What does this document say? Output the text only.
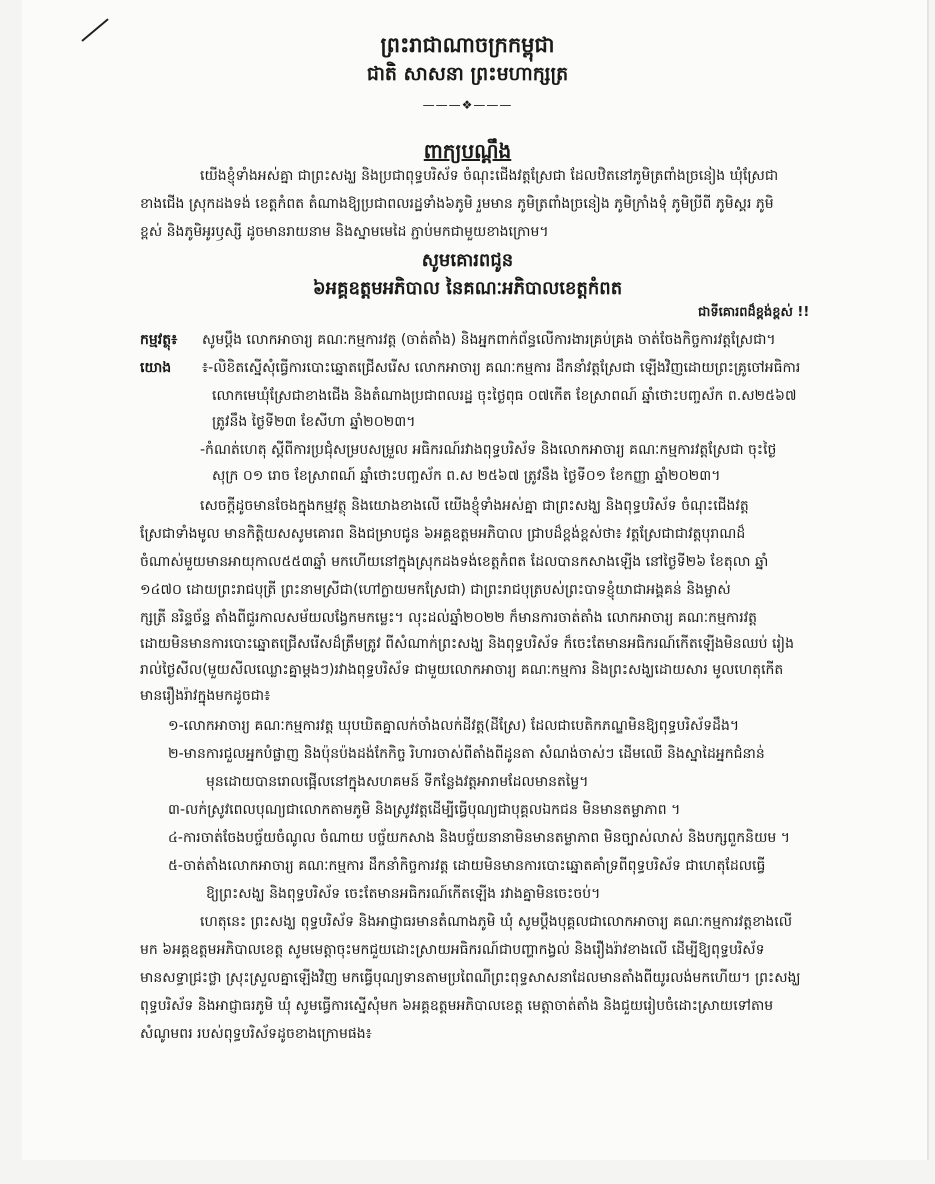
ព្រះរាជាណាចក្រកម្ពុជា
ជាតិ សាសនា ព្រះមហាក្សត្រ
———❖———
ពាក្យបណ្តឹង
យើងខ្ញុំទាំងអស់គ្នា ជាព្រះសង្ឃ និងប្រជាពុទ្ធបរិស័ទ ចំណុះជើងវត្តស្រែជា ដែលឋិតនៅភូមិត្រពាំងច្រនៀង ឃុំស្រែជា
ខាងជើង ស្រុកដងទង់ ខេត្តកំពត តំណាងឱ្យប្រជាពលរដ្ឋទាំង៦ភូមិ រួមមាន ភូមិត្រពាំងច្រនៀង ភូមិក្រាំងទុំ ភូមិប្រីពី ភូមិស្គរ ភូមិ
ខ្ពស់ និងភូមិអូរឫស្សី ដូចមានរាយនាម និងស្នាមមេដៃ ភ្ជាប់មកជាមួយខាងក្រោម។
សូមគោរពជូន
៦អគ្គឧត្តមអភិបាល នៃគណៈអភិបាលខេត្តកំពត
ជាទីគោរពដ៏ខ្ពង់ខ្ពស់ !!
កម្មវត្ថុ៖ សូមប្តឹង លោកអាចារ្យ គណៈកម្មការវត្ត (ចាត់តាំង) និងអ្នកពាក់ព័ន្ធលើការងារគ្រប់គ្រង ចាត់ចែងកិច្ចការវត្តស្រែជា។
យោង ៖-លិខិតស្នើសុំធ្វើការបោះឆ្នោតជ្រើសរើស លោកអាចារ្យ គណៈកម្មការ ដឹកនាំវត្តស្រែជា ឡើងវិញដោយព្រះគ្រូចៅអធិការ
លោកមេឃុំស្រែជាខាងជើង និងតំណាងប្រជាពលរដ្ឋ ចុះថ្ងៃពុធ ០៧កើត ខែស្រាពណ៍ ឆ្នាំថោះបញ្ចស័ក ព.ស២៥៦៧
ត្រូវនឹង ថ្ងៃទី២៣ ខែសីហា ឆ្នាំ២០២៣។
-កំណត់ហេតុ ស្តីពីការប្រជុំសម្របសម្រួល អធិករណ៍រវាងពុទ្ធបរិស័ទ និងលោកអាចារ្យ គណៈកម្មការវត្តស្រែជា ចុះថ្ងៃ
សុក្រ ០១ រោច ខែស្រាពណ៍ ឆ្នាំថោះបញ្ចស័ក ព.ស ២៥៦៧ ត្រូវនឹង ថ្ងៃទី០១ ខែកញ្ញា ឆ្នាំ២០២៣។
សេចក្តីដូចមានចែងក្នុងកម្មវត្ថុ និងយោងខាងលើ យើងខ្ញុំទាំងអស់គ្នា ជាព្រះសង្ឃ និងពុទ្ធបរិស័ទ ចំណុះជើងវត្ត
ស្រែជាទាំងមូល មានកិត្តិយសសូមគោរព និងជម្រាបជូន ៦អគ្គឧត្តមអភិបាល ជ្រាបដ៏ខ្ពង់ខ្ពស់ថា៖ វត្តស្រែជាជាវត្តបុរាណដ៏
ចំណាស់មួយមានអាយុកាល៥៥៣ឆ្នាំ មកហើយនៅក្នុងស្រុកដងទង់ខេត្តកំពត ដែលបានកសាងឡើង នៅថ្ងៃទី២៦ ខែតុលា ឆ្នាំ
១៤៧០ ដោយព្រះរាជបុត្រី ព្រះនាមស្រីជា(ហៅក្លាយមកស្រែជា) ជាព្រះរាជបុត្របស់ព្រះបាទខ្ញុំយាជាអង្គគន់ និងម្ចាស់
ក្សត្រី នរិន្ទច័ន្ទ តាំងពីជួរកាលសម័យលង្វែកមកម្លេះ។ លុះដល់ឆ្នាំ២០២២ ក៏មានការចាត់តាំង លោកអាចារ្យ គណៈកម្មការវត្ត
ដោយមិនមានការបោះឆ្នោតជ្រើសរើសដ៏ត្រឹមត្រូវ ពីសំណាក់ព្រះសង្ឃ និងពុទ្ធបរិស័ទ ក៏ចេះតែមានអធិករណ៍កើតឡើងមិនឈប់ រៀង
រាល់ថ្ងៃសីល(មួយសីលឈ្លោះគ្នាម្តងៗ)រវាងពុទ្ធបរិស័ទ ជាមួយលោកអាចារ្យ គណៈកម្មការ និងព្រះសង្ឃដោយសារ មូលហេតុកើត
មានរឿងរ៉ាវក្នុងមកដូចជា៖
១-លោកអាចារ្យ គណៈកម្មការវត្ត ឃុបឃិតគ្នាលក់ចាំងលក់ដីវត្ត(ដីស្រែ) ដែលជាបេតិកភណ្ឌមិនឱ្យពុទ្ធបរិស័ទដឹង។
២-មានការជួលអ្នកបំផ្លាញ និងប៉ុនប៉ងដង់កែកិច្ច រិហារចាស់ពីតាំងពីដូនតា សំណង់ចាស់ៗ ដើមឈើ និងស្នាដៃអ្នកជំនាន់
មុនដោយបានរោលផ្អើលនៅក្នុងសហគមន៍ ទីកន្លែងវត្តអារាមដែលមានតម្លៃ។
៣-លក់ស្រូវពេលបុណ្យជាលោកតាមភូមិ និងស្រូវវត្តដើម្បីធ្វើបុណ្យជាបុគ្គលឯកជន មិនមានតម្លាភាព ។
៤-ការចាត់ចែងបច្ច័យចំណូល ចំណាយ បច្ច័យកសាង និងបច្ច័យនានាមិនមានតម្លាភាព មិនច្បាស់លាស់ និងបក្សពួកនិយម ។
៥-ចាត់តាំងលោកអាចារ្យ គណៈកម្មការ ដឹកនាំកិច្ចការវត្ត ដោយមិនមានការបោះឆ្នោតគាំទ្រពីពុទ្ធបរិស័ទ ជាហេតុដែលធ្វើ
ឱ្យព្រះសង្ឃ និងពុទ្ធបរិស័ទ ចេះតែមានអធិករណ៍កើតឡើង រវាងគ្នាមិនចេះចប់។
ហេតុនេះ ព្រះសង្ឃ ពុទ្ធបរិស័ទ និងអាជ្ញាធរមានតំណាងភូមិ ឃុំ សូមប្តឹងបុគ្គលជាលោកអាចារ្យ គណៈកម្មការវត្តខាងលើ
មក ៦អគ្គឧត្តមអភិបាលខេត្ត សូមមេត្តាចុះមកជួយដោះស្រាយអធិករណ៍ជាបញ្ហាកង្វល់ និងរឿងរ៉ាវខាងលើ ដើម្បីឱ្យពុទ្ធបរិស័ទ
មានសទ្ធាជ្រះថ្លា ស្រុះស្រួលគ្នាឡើងវិញ មកធ្វើបុណ្យទានតាមប្រពៃណីព្រះពុទ្ធសាសនាដែលមានតាំងពីយូរលង់មកហើយ។ ព្រះសង្ឃ
ពុទ្ធបរិស័ទ និងអាជ្ញាធរភូមិ ឃុំ សូមធ្វើការស្នើសុំមក ៦អគ្គឧត្តមអភិបាលខេត្ត មេត្តាចាត់តាំង និងជួយរៀបចំដោះស្រាយទៅតាម
សំណូមពរ របស់ពុទ្ធបរិស័ទដូចខាងក្រោមផង៖
